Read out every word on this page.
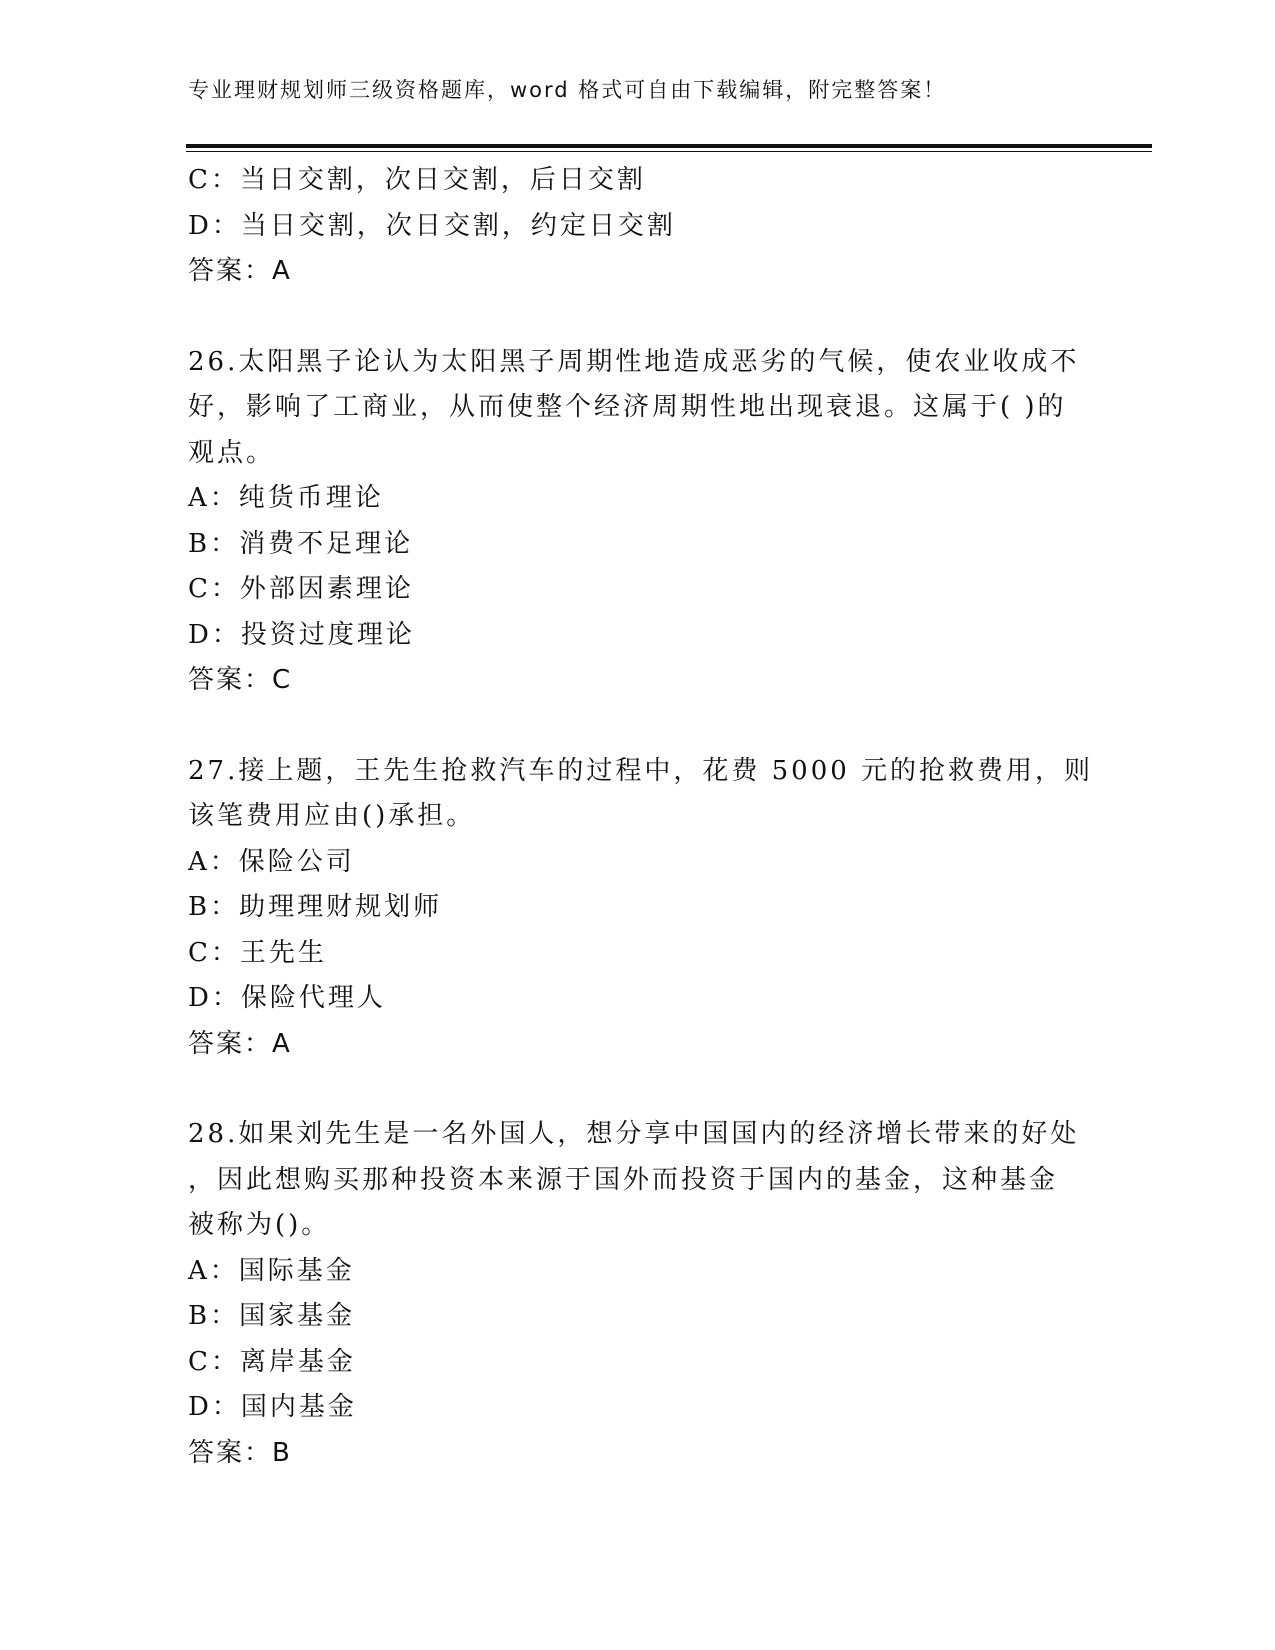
专业理财规划师三级资格题库，word 格式可自由下载编辑，附完整答案！
C：当日交割，次日交割，后日交割
D：当日交割，次日交割，约定日交割
答案：A
26.太阳黑子论认为太阳黑子周期性地造成恶劣的气候，使农业收成不
好，影响了工商业，从而使整个经济周期性地出现衰退。这属于( )的
观点。
A：纯货币理论
B：消费不足理论
C：外部因素理论
D：投资过度理论
答案：C
27.接上题，王先生抢救汽车的过程中，花费 5000 元的抢救费用，则
该笔费用应由()承担。
A：保险公司
B：助理理财规划师
C：王先生
D：保险代理人
答案：A
28.如果刘先生是一名外国人，想分享中国国内的经济增长带来的好处
，因此想购买那种投资本来源于国外而投资于国内的基金，这种基金
被称为()。
A：国际基金
B：国家基金
C：离岸基金
D：国内基金
答案：B
